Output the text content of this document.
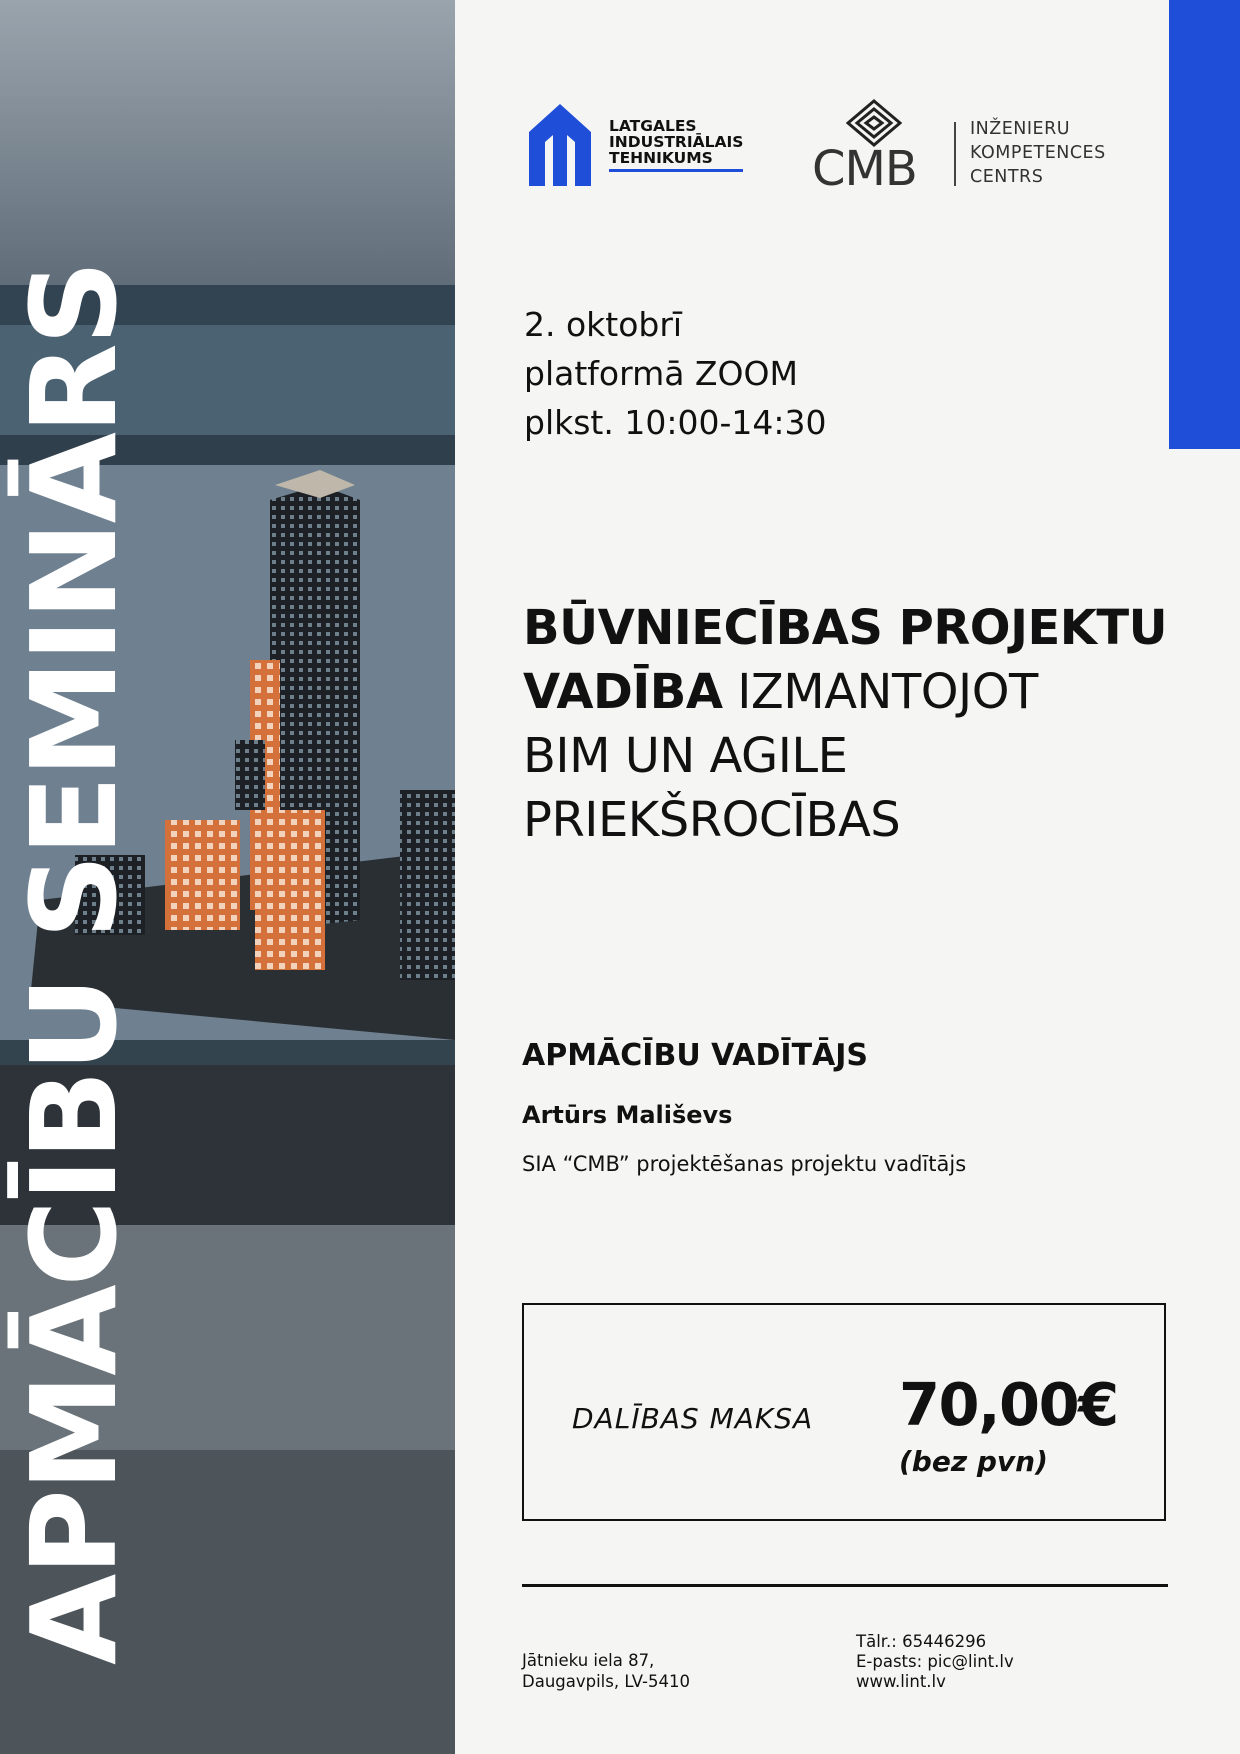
APMĀCĪBU SEMINĀRS
LATGALES
INDUSTRIĀLAIS
TEHNIKUMS	CMB
INŽENIERU
KOMPETENCES
CENTRS
2. oktobrī
platformā ZOOM
plkst. 10:00-14:30
BŪVNIECĪBAS PROJEKTU
VADĪBA IZMANTOJOT
BIM UN AGILE
PRIEKŠROCĪBAS
APMĀCĪBU VADĪTĀJS
Artūrs Mališevs
SIA “CMB” projektēšanas projektu vadītājs
DALĪBAS MAKSA 70,00€
(bez pvn)
Jātnieku iela 87,
Daugavpils, LV-5410
Tālr.: 65446296
E-pasts: pic@lint.lv
www.lint.lv
